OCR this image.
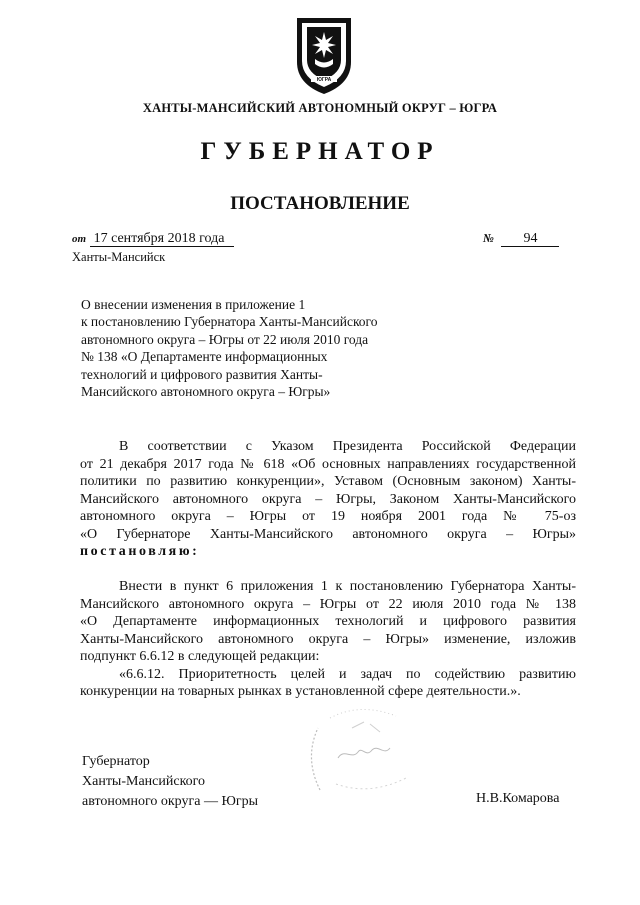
ЮГРА
ХАНТЫ-МАНСИЙСКИЙ АВТОНОМНЫЙ ОКРУГ – ЮГРА
ГУБЕРНАТОР
ПОСТАНОВЛЕНИЕ
от 17 сентября 2018 года	№ 94
Ханты-Мансийск
О внесении изменения в приложение 1
к постановлению Губернатора Ханты-Мансийского
автономного округа – Югры от 22 июля 2010 года
№ 138 «О Департаменте информационных
технологий и цифрового развития Ханты-
Мансийского автономного округа – Югры»
В соответствии с Указом Президента Российской Федерации
от 21 декабря 2017 года № 618 «Об основных направлениях государственной
политики по развитию конкуренции», Уставом (Основным законом) Ханты-
Мансийского автономного округа – Югры, Законом Ханты-Мансийского
автономного округа – Югры от 19 ноября 2001 года № 75-оз
«О Губернаторе Ханты-Мансийского автономного округа – Югры»
постановляю:
Внести в пункт 6 приложения 1 к постановлению Губернатора Ханты-
Мансийского автономного округа – Югры от 22 июля 2010 года № 138
«О Департаменте информационных технологий и цифрового развития
Ханты-Мансийского автономного округа – Югры» изменение, изложив
подпункт 6.6.12 в следующей редакции:
«6.6.12. Приоритетность целей и задач по содействию развитию
конкуренции на товарных рынках в установленной сфере деятельности.».
Губернатор
Ханты-Мансийского
автономного округа — Югры	Н.В.Комарова
